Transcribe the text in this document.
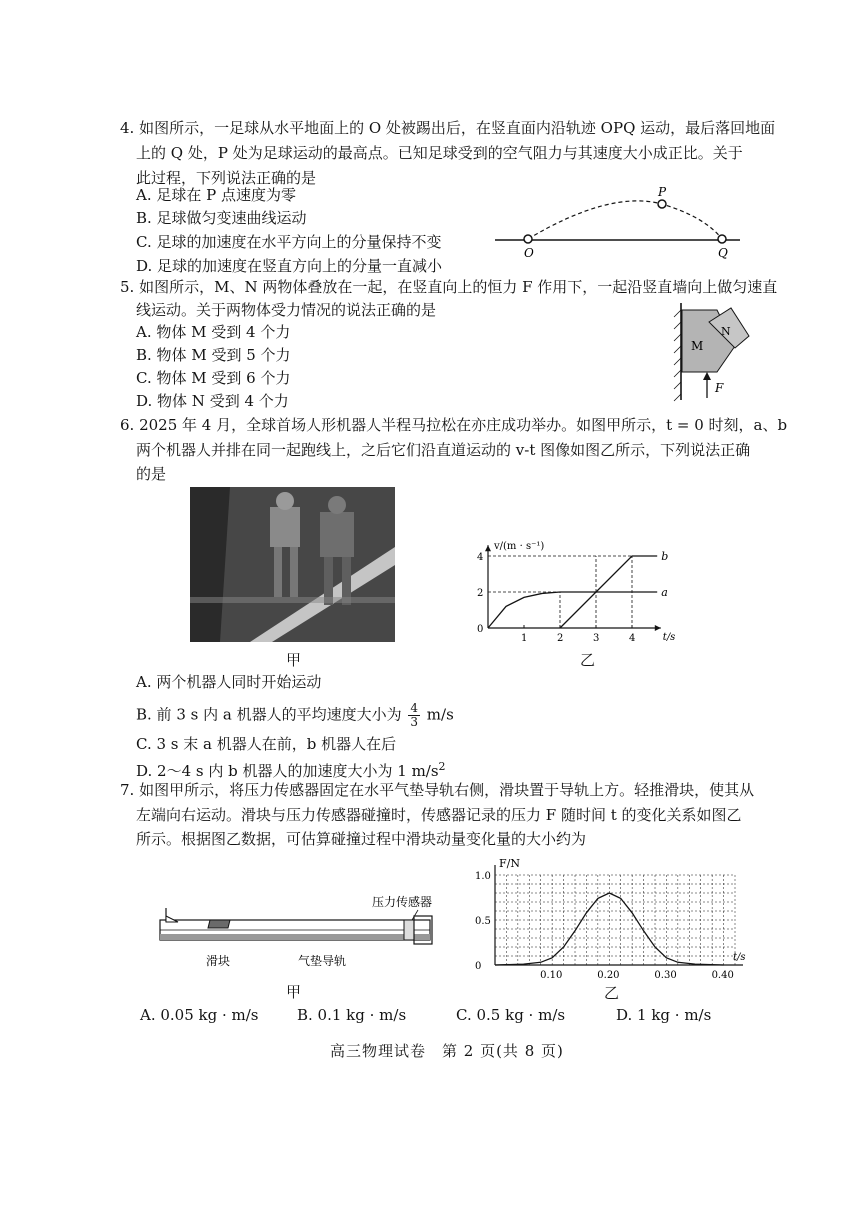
4. 如图所示，一足球从水平地面上的 O 处被踢出后，在竖直面内沿轨迹 OPQ 运动，最后落回地面
上的 Q 处，P 处为足球运动的最高点。已知足球受到的空气阻力与其速度大小成正比。关于
此过程，下列说法正确的是
A. 足球在 P 点速度为零
B. 足球做匀变速曲线运动
C. 足球的加速度在水平方向上的分量保持不变
D. 足球的加速度在竖直方向上的分量一直减小
O
P
Q
5. 如图所示，M、N 两物体叠放在一起，在竖直向上的恒力 F 作用下，一起沿竖直墙向上做匀速直
线运动。关于两物体受力情况的说法正确的是
A. 物体 M 受到 4 个力
B. 物体 M 受到 5 个力
C. 物体 M 受到 6 个力
D. 物体 N 受到 4 个力
M
N
F
6. 2025 年 4 月，全球首场人形机器人半程马拉松在亦庄成功举办。如图甲所示，t = 0 时刻，a、b
两个机器人并排在同一起跑线上，之后它们沿直道运动的 v-t 图像如图乙所示，下列说法正确
的是
甲
v/(m · s⁻¹)
t/s
1	2	3	4
0
2
4
a
b
乙
A. 两个机器人同时开始运动
B. 前 3 s 内 a 机器人的平均速度大小为 $\frac{4}{3} m/s$
C. 3 s 末 a 机器人在前，b 机器人在后
D. 2～4 s 内 b 机器人的加速度大小为 1 $m/s^2$
7. 如图甲所示，将压力传感器固定在水平气垫导轨右侧，滑块置于导轨上方。轻推滑块，使其从
左端向右运动。滑块与压力传感器碰撞时，传感器记录的压力 F 随时间 t 的变化关系如图乙
所示。根据图乙数据，可估算碰撞过程中滑块动量变化量的大小约为
压力传感器
滑块	气垫导轨
甲
F/N
t/s
0.10	0.20	0.30	0.40
0
0.5
1.0
乙
A. 0.05 kg · m/s	B. 0.1 kg · m/s	C. 0.5 kg · m/s	D. 1 kg · m/s
高三物理试卷　第 2 页(共 8 页)
